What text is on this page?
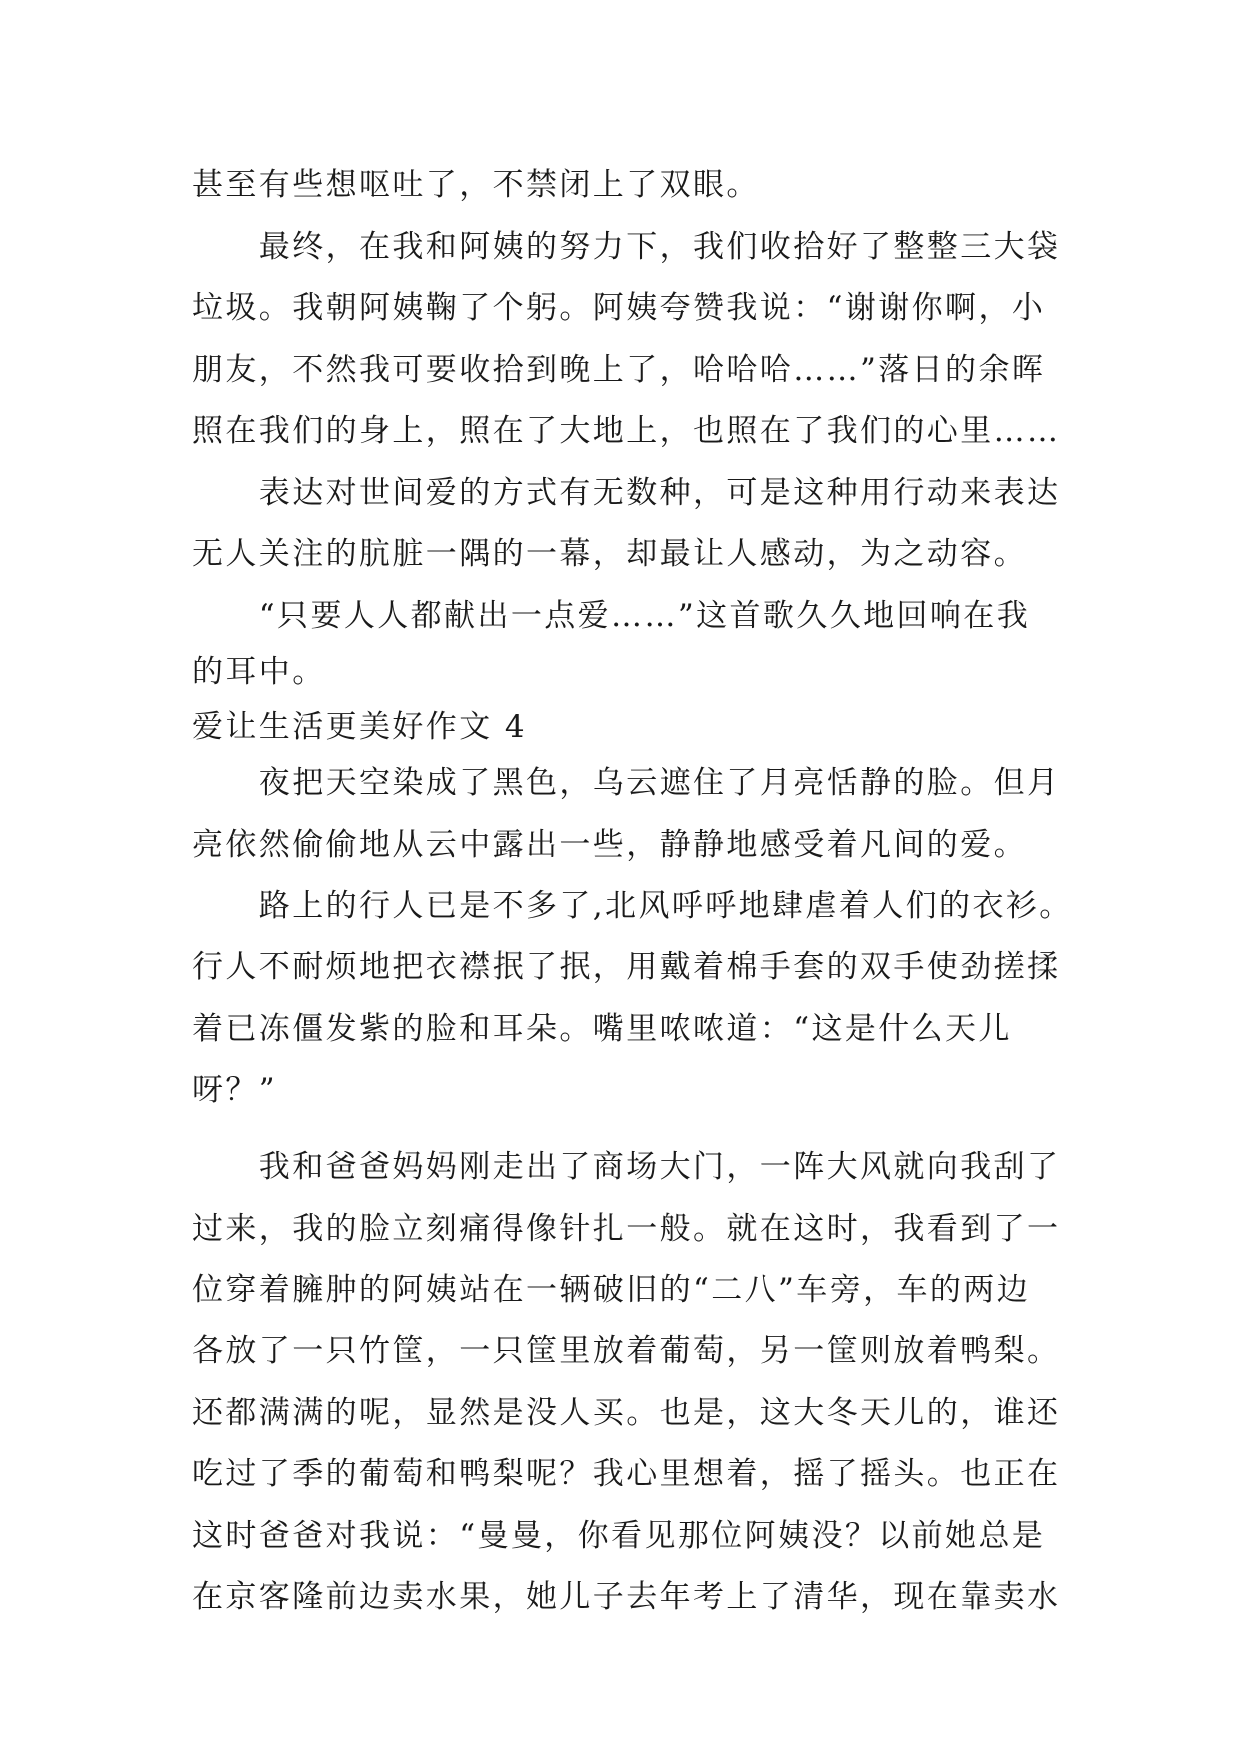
甚至有些想呕吐了，不禁闭上了双眼。
　　最终，在我和阿姨的努力下，我们收拾好了整整三大袋
垃圾。我朝阿姨鞠了个躬。阿姨夸赞我说：“谢谢你啊，小
朋友，不然我可要收拾到晚上了，哈哈哈……”落日的余晖
照在我们的身上，照在了大地上，也照在了我们的心里……
　　表达对世间爱的方式有无数种，可是这种用行动来表达
无人关注的肮脏一隅的一幕，却最让人感动，为之动容。
　　“只要人人都献出一点爱……”这首歌久久地回响在我
的耳中。
爱让生活更美好作文 4
　　夜把天空染成了黑色，乌云遮住了月亮恬静的脸。但月
亮依然偷偷地从云中露出一些，静静地感受着凡间的爱。
　　路上的行人已是不多了,北风呼呼地肆虐着人们的衣衫。
行人不耐烦地把衣襟抿了抿，用戴着棉手套的双手使劲搓揉
着已冻僵发紫的脸和耳朵。嘴里哝哝道：“这是什么天儿
呀？”
　　我和爸爸妈妈刚走出了商场大门，一阵大风就向我刮了
过来，我的脸立刻痛得像针扎一般。就在这时，我看到了一
位穿着臃肿的阿姨站在一辆破旧的“二八”车旁，车的两边
各放了一只竹筐，一只筐里放着葡萄，另一筐则放着鸭梨。
还都满满的呢，显然是没人买。也是，这大冬天儿的，谁还
吃过了季的葡萄和鸭梨呢？我心里想着，摇了摇头。也正在
这时爸爸对我说：“曼曼，你看见那位阿姨没？以前她总是
在京客隆前边卖水果，她儿子去年考上了清华，现在靠卖水
